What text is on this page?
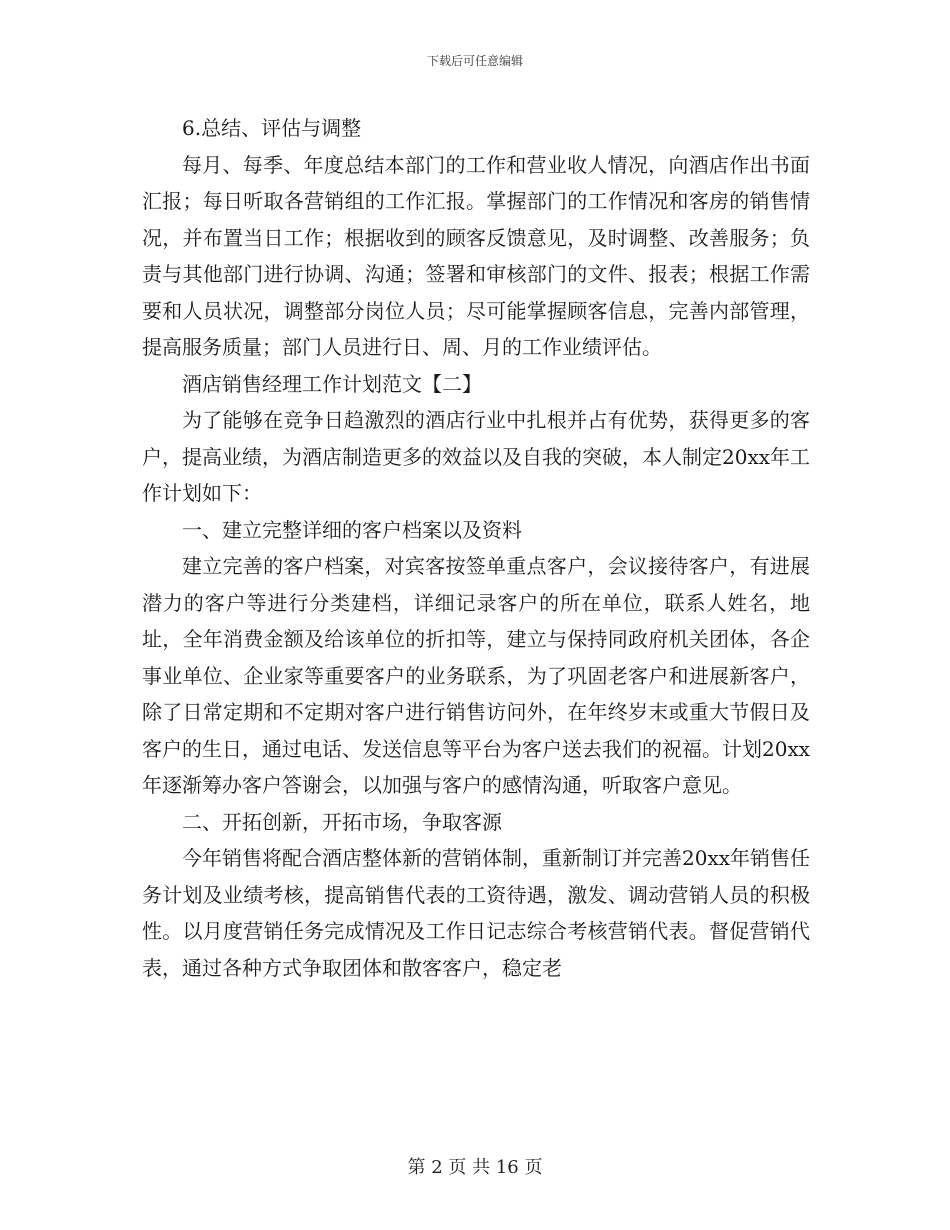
下载后可任意编辑

6.总结、评估与调整

每月、每季、年度总结本部门的工作和营业收人情况，向酒店作出书面汇报；每日听取各营销组的工作汇报。掌握部门的工作情况和客房的销售情况，并布置当日工作；根据收到的顾客反馈意见，及时调整、改善服务；负责与其他部门进行协调、沟通；签署和审核部门的文件、报表；根据工作需要和人员状况，调整部分岗位人员；尽可能掌握顾客信息，完善内部管理，提高服务质量；部门人员进行日、周、月的工作业绩评估。

酒店销售经理工作计划范文【二】

为了能够在竞争日趋激烈的酒店行业中扎根并占有优势，获得更多的客户，提高业绩，为酒店制造更多的效益以及自我的突破，本人制定20xx年工作计划如下：

一、建立完整详细的客户档案以及资料

建立完善的客户档案，对宾客按签单重点客户，会议接待客户，有进展潜力的客户等进行分类建档，详细记录客户的所在单位，联系人姓名，地址，全年消费金额及给该单位的折扣等，建立与保持同政府机关团体，各企事业单位、企业家等重要客户的业务联系，为了巩固老客户和进展新客户，除了日常定期和不定期对客户进行销售访问外，在年终岁末或重大节假日及客户的生日，通过电话、发送信息等平台为客户送去我们的祝福。计划20xx年逐渐筹办客户答谢会，以加强与客户的感情沟通，听取客户意见。

二、开拓创新，开拓市场，争取客源

今年销售将配合酒店整体新的营销体制，重新制订并完善20xx年销售任务计划及业绩考核，提高销售代表的工资待遇，激发、调动营销人员的积极性。以月度营销任务完成情况及工作日记志综合考核营销代表。督促营销代表，通过各种方式争取团体和散客客户，稳定老

第 2 页 共 16 页
